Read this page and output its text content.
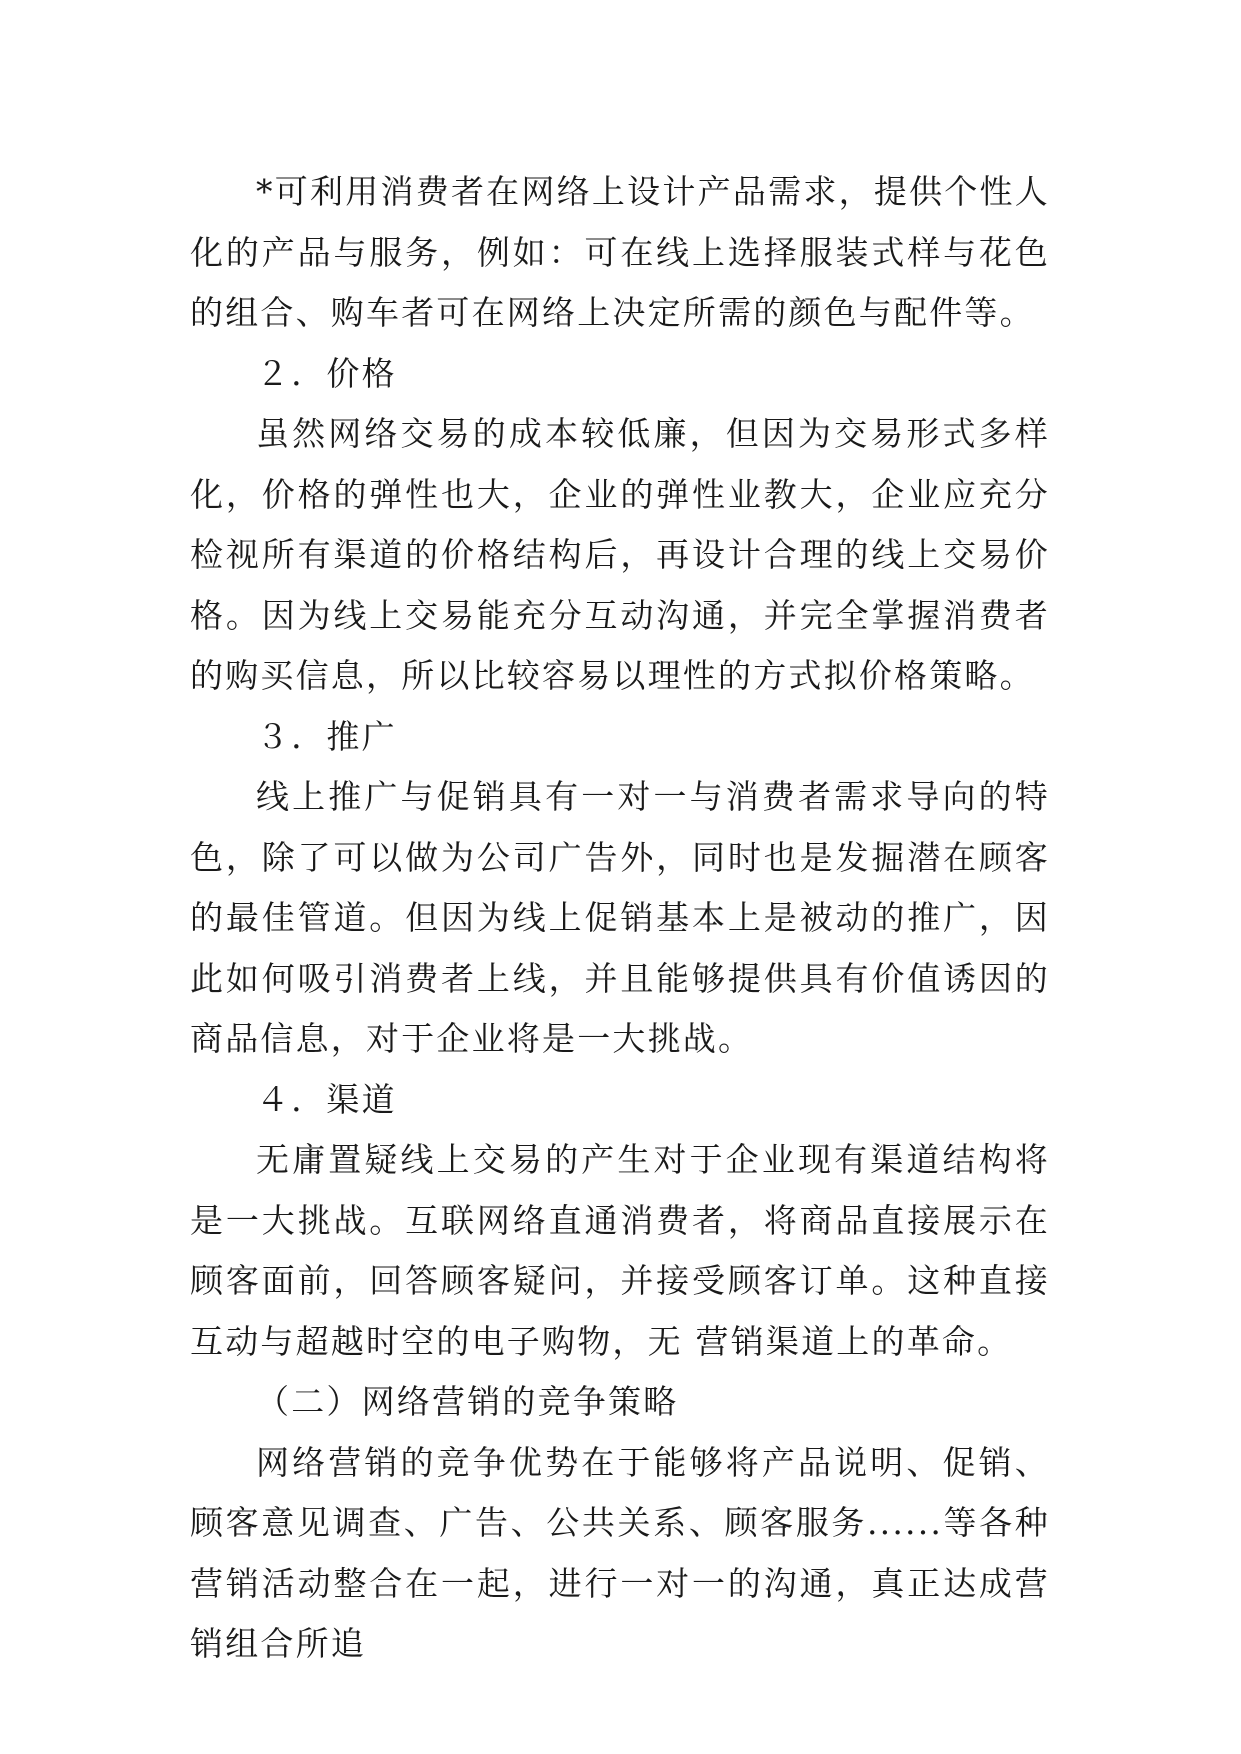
*可利用消费者在网络上设计产品需求，提供个性人化的产品与服务，例如：可在线上选择服装式样与花色的组合、购车者可在网络上决定所需的颜色与配件等。

２．价格

虽然网络交易的成本较低廉，但因为交易形式多样化，价格的弹性也大，企业的弹性业教大，企业应充分检视所有渠道的价格结构后，再设计合理的线上交易价格。因为线上交易能充分互动沟通，并完全掌握消费者的购买信息，所以比较容易以理性的方式拟价格策略。

３．推广

线上推广与促销具有一对一与消费者需求导向的特色，除了可以做为公司广告外，同时也是发掘潜在顾客的最佳管道。但因为线上促销基本上是被动的推广，因此如何吸引消费者上线，并且能够提供具有价值诱因的商品信息，对于企业将是一大挑战。

４．渠道

无庸置疑线上交易的产生对于企业现有渠道结构将是一大挑战。互联网络直通消费者，将商品直接展示在顾客面前，回答顾客疑问，并接受顾客订单。这种直接互动与超越时空的电子购物，无 营销渠道上的革命。

（二）网络营销的竞争策略

网络营销的竞争优势在于能够将产品说明、促销、顾客意见调查、广告、公共关系、顾客服务......等各种营销活动整合在一起，进行一对一的沟通，真正达成营销组合所追
